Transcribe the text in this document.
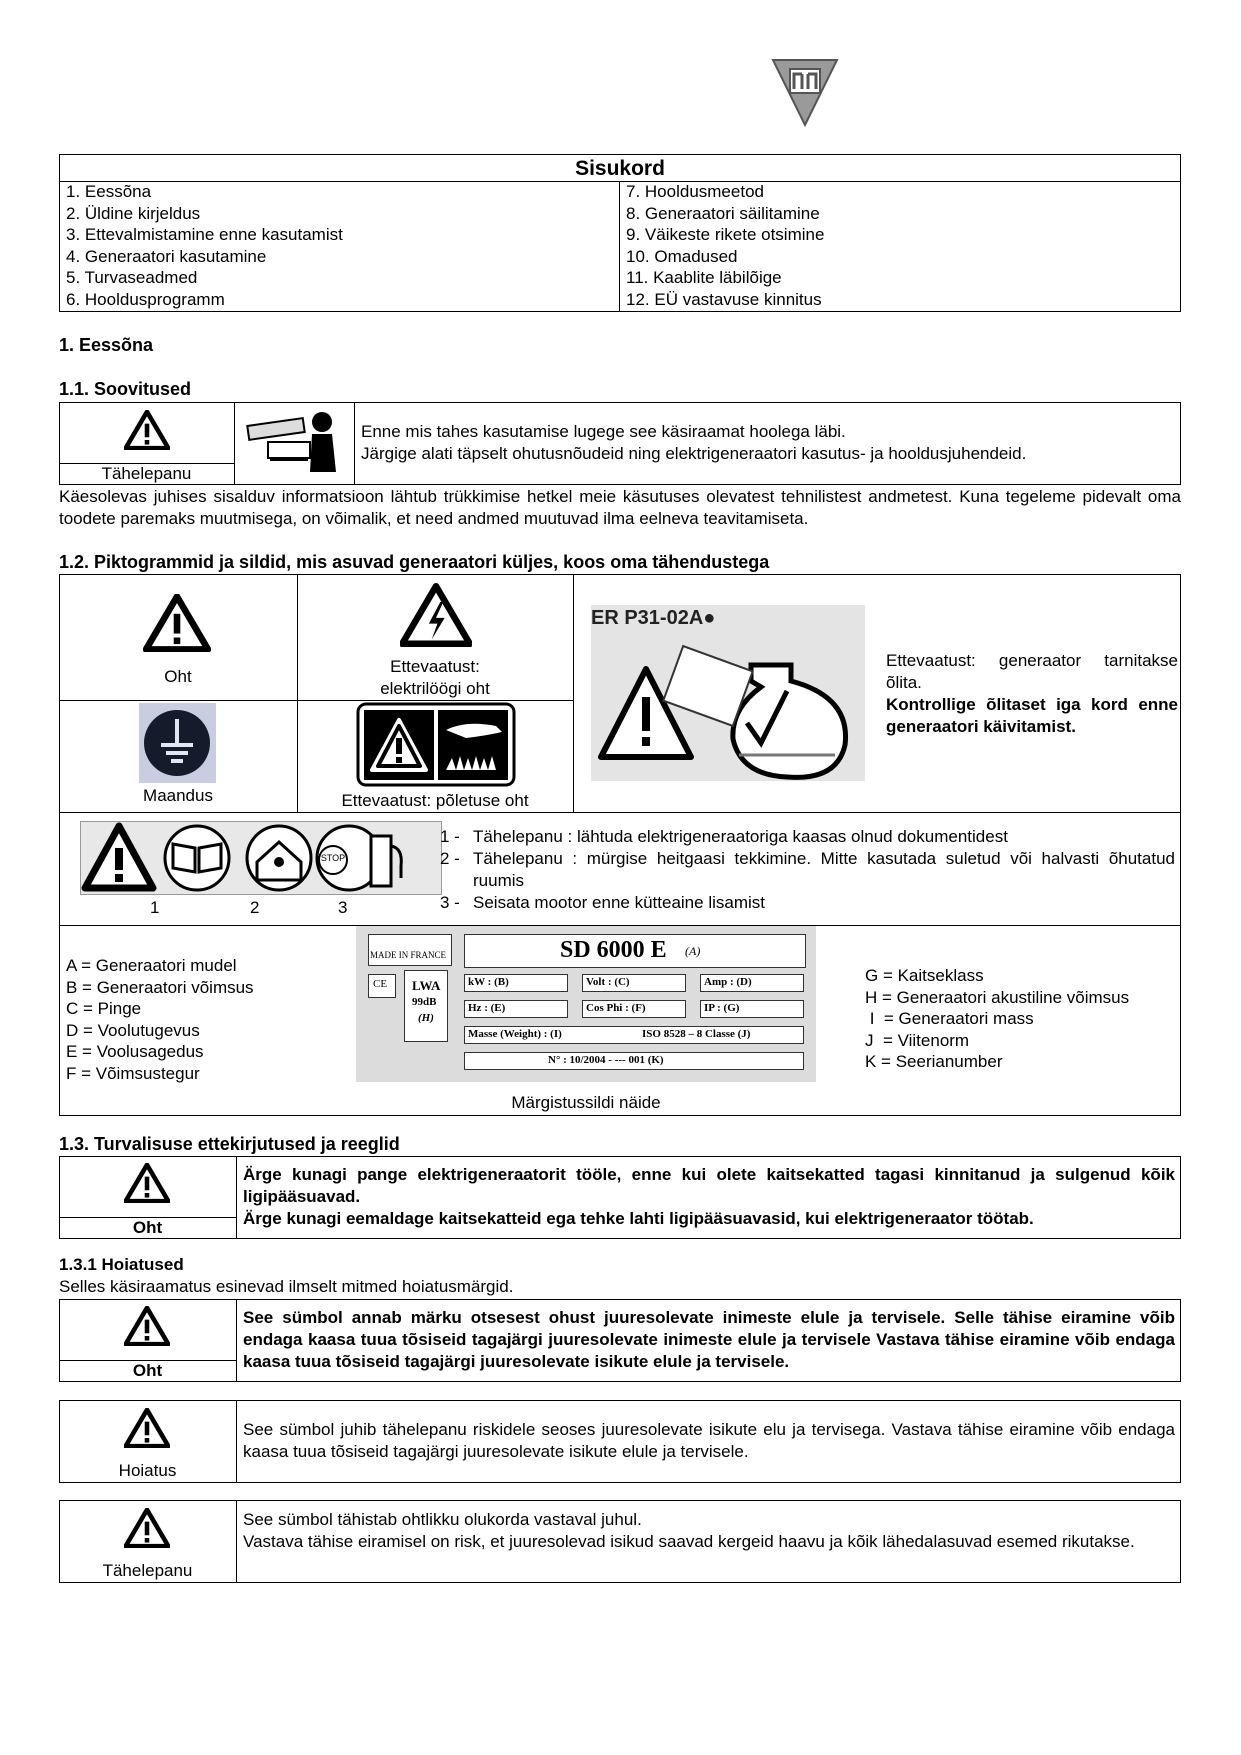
Sisukord
1. Eessõna
2. Üldine kirjeldus
3. Ettevalmistamine enne kasutamist
4. Generaatori kasutamine
5. Turvaseadmed
6. Hooldusprogramm
7. Hooldusmeetod
8. Generaatori säilitamine
9. Väikeste rikete otsimine
10. Omadused
11. Kaablite läbilõige
12. EÜ vastavuse kinnitus
1. Eessõna
1.1. Soovitused
Tähelepanu
Enne mis tahes kasutamise lugege see käsiraamat hoolega läbi.
Järgige alati täpselt ohutusnõudeid ning elektrigeneraatori kasutus- ja hooldusjuhendeid.
Käesolevas juhises sisalduv informatsioon lähtub trükkimise hetkel meie käsutuses olevatest tehnilistest andmetest. Kuna tegeleme pidevalt oma toodete paremaks muutmisega, on võimalik, et need andmed muutuvad ilma eelneva teavitamiseta.
1.2. Piktogrammid ja sildid, mis asuvad generaatori küljes, koos oma tähendustega
Oht
Ettevaatust:
elektrilöögi oht
Maandus	Ettevaatust: põletuse oht
ER P31-02A●
Ettevaatust: generaator tarnitakse õlita.
Kontrollige õlitaset iga kord enne generaatori käivitamist.
STOP
1	2	3
1 - Tähelepanu : lähtuda elektrigeneraatoriga kaasas olnud dokumentidest
2 - Tähelepanu : mürgise heitgaasi tekkimine. Mitte kasutada suletud või halvasti õhutatud ruumis
3 - Seisata mootor enne kütteaine lisamist
A = Generaatori mudel
B = Generaatori võimsus
C = Pinge
D = Voolutugevus
E = Voolusagedus
F = Võimsustegur
MADE IN FRANCE	SD 6000 E (A)
CE LWA
99dB
(H)
kW : (B)	Volt : (C)	Amp : (D)
Hz : (E)	Cos Phi : (F)	IP : (G)
Masse (Weight) : (I)	ISO 8528 – 8 Classe (J)
N° : 10/2004 - --- 001 (K)
Märgistussildi näide
G = Kaitseklass
H = Generaatori akustiline võimsus
I  = Generaatori mass
J  = Viitenorm
K = Seerianumber
1.3. Turvalisuse ettekirjutused ja reeglid
Oht
Ärge kunagi pange elektrigeneraatorit tööle, enne kui olete kaitsekatted tagasi kinnitanud ja sulgenud kõik ligipääsuavad.
Ärge kunagi eemaldage kaitsekatteid ega tehke lahti ligipääsuavasid, kui elektrigeneraator töötab.
1.3.1 Hoiatused
Selles käsiraamatus esinevad ilmselt mitmed hoiatusmärgid.
Oht
See sümbol annab märku otsesest ohust juuresolevate inimeste elule ja tervisele. Selle tähise eiramine võib endaga kaasa tuua tõsiseid tagajärgi juuresolevate inimeste elule ja tervisele Vastava tähise eiramine võib endaga kaasa tuua tõsiseid tagajärgi juuresolevate isikute elule ja tervisele.
Hoiatus
See sümbol juhib tähelepanu riskidele seoses juuresolevate isikute elu ja tervisega. Vastava tähise eiramine võib endaga kaasa tuua tõsiseid tagajärgi juuresolevate isikute elule ja tervisele.
Tähelepanu
See sümbol tähistab ohtlikku olukorda vastaval juhul.
Vastava tähise eiramisel on risk, et juuresolevad isikud saavad kergeid haavu ja kõik lähedalasuvad esemed rikutakse.
